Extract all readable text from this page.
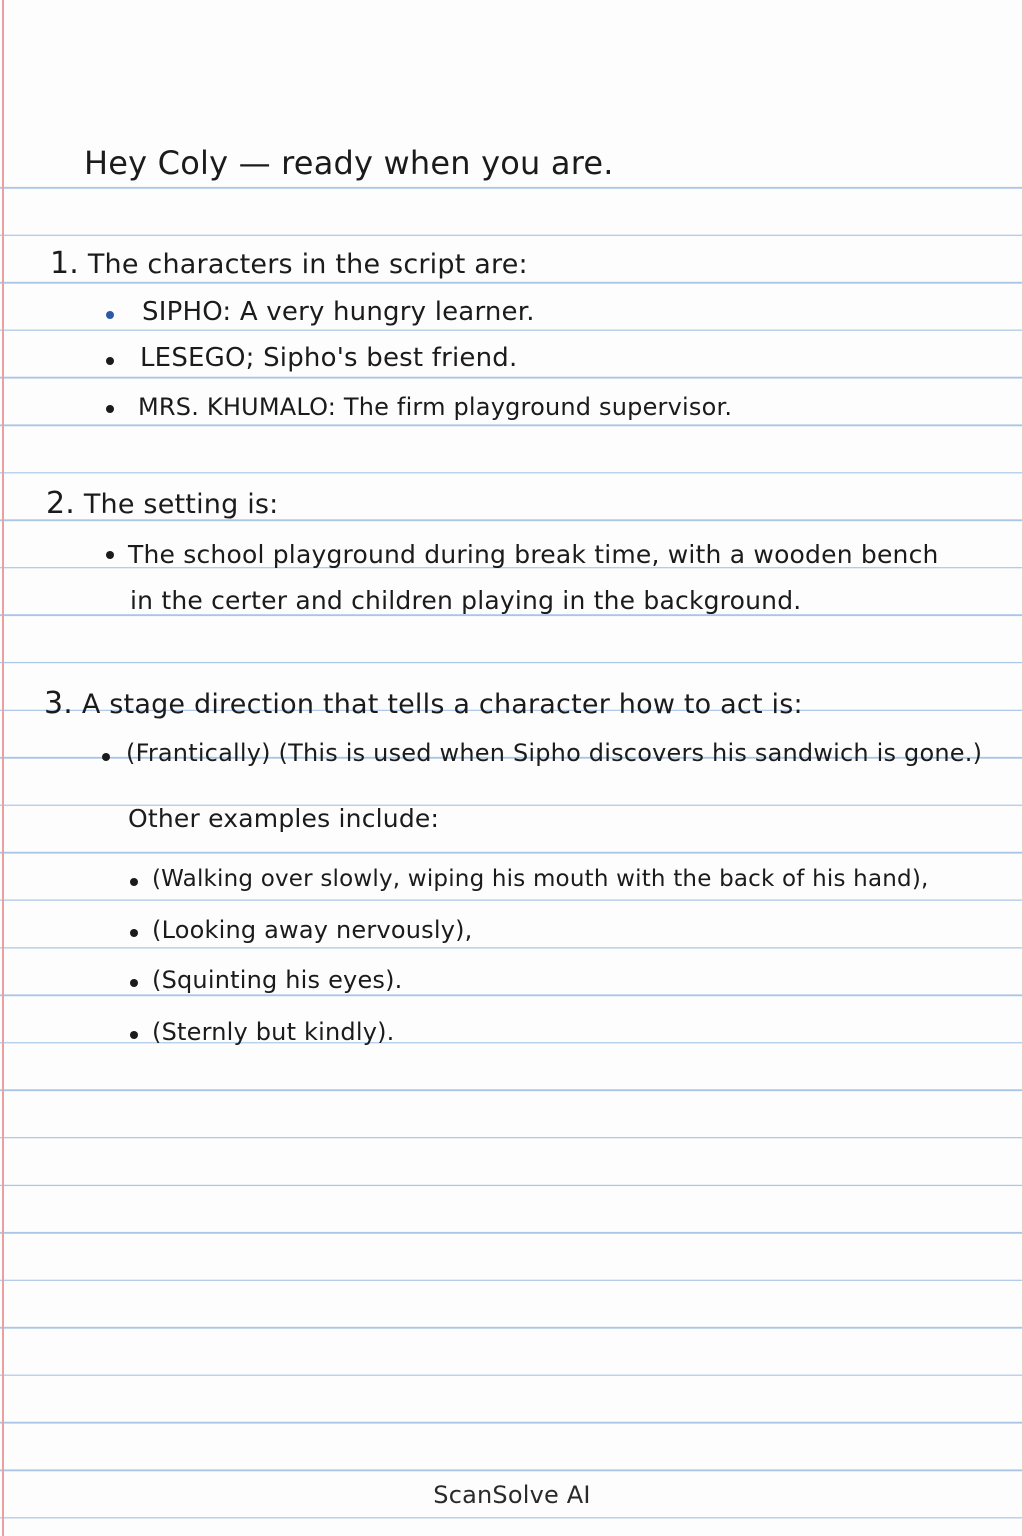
Hey Coly — ready when you are.
1. The characters in the script are:
SIPHO: A very hungry learner.
LESEGO; Sipho's best friend.
MRS. KHUMALO: The firm playground supervisor.
2. The setting is:
The school playground during break time, with a wooden bench
in the certer and children playing in the background.
3. A stage direction that tells a character how to act is:
(Frantically) (This is used when Sipho discovers his sandwich is gone.)
Other examples include:
(Walking over slowly, wiping his mouth with the back of his hand),
(Looking away nervously),
(Squinting his eyes).
(Sternly but kindly).
ScanSolve AI
